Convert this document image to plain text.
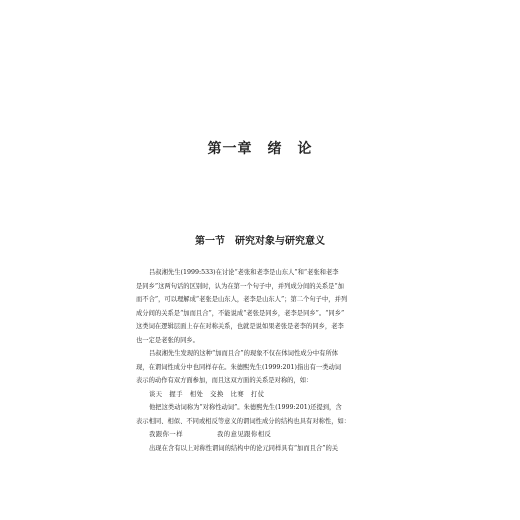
第一章　绪　论
第一节　研究对象与研究意义
吕叔湘先生(1999:533)在讨论“老张和老李是山东人”和“老张和老李
是同乡”这两句话的区别时，认为在第一个句子中，并列成分间的关系是“加
而不合”，可以理解成“老张是山东人，老李是山东人”；第二个句子中，并列
成分间的关系是“加而且合”，不能说成“老张是同乡，老李是同乡”。“同乡”
这类词在逻辑层面上存在对称关系，也就是说如果老张是老李的同乡，老李
也一定是老张的同乡。
吕叔湘先生发现的这种“加而且合”的现象不仅在体词性成分中有所体
现，在谓词性成分中也同样存在。朱德熙先生(1999:201)指出有一类动词
表示的动作有双方面参加，而且这双方面的关系是对称的，如：
谈天　握手　相处　交换　比赛　打仗
他把这类动词称为“对称性动词”。朱德熙先生(1999:201)还提到，含
表示相同、相似、不同或相反等意义的谓词性成分的结构也具有对称性，如：
我跟你一样　　　　　我的意见跟你相反
出现在含有以上对称性谓词的结构中的论元同样具有“加而且合”的关
